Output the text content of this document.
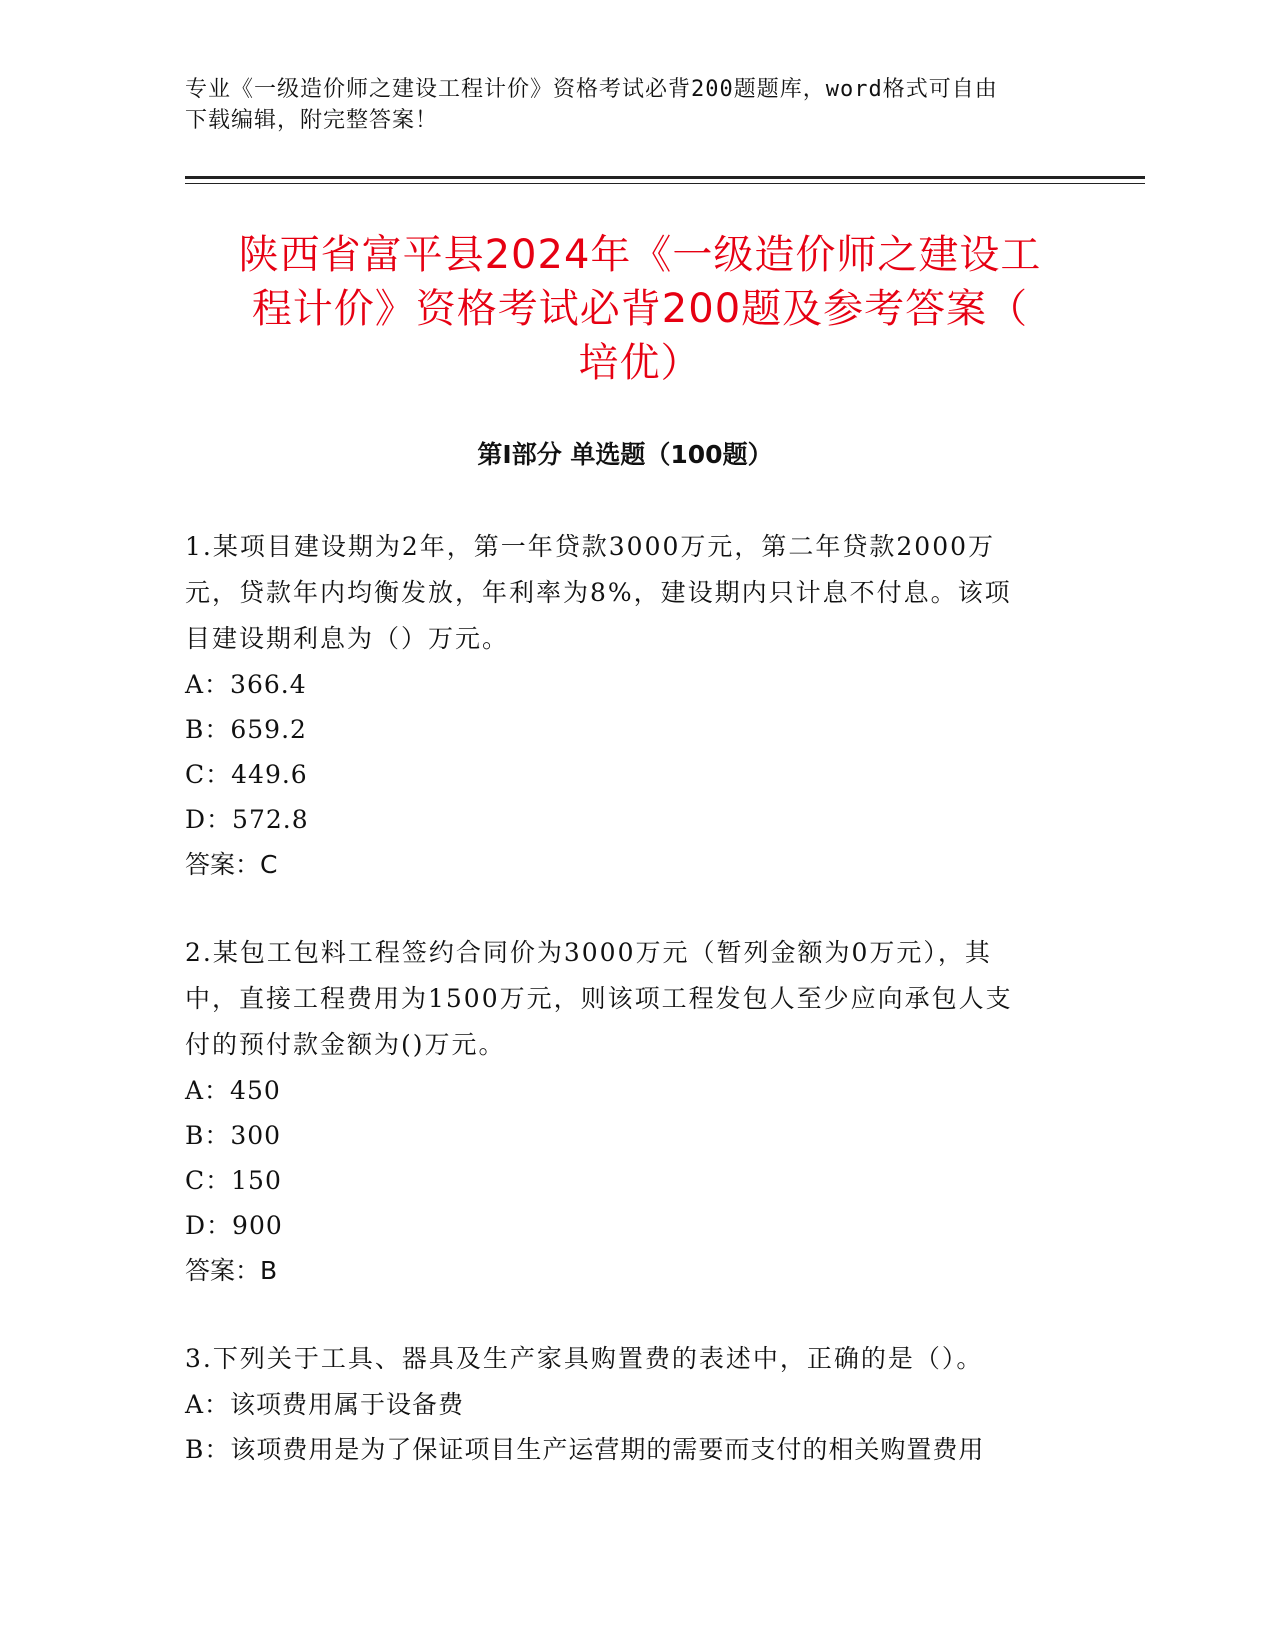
专业《一级造价师之建设工程计价》资格考试必背200题题库，word格式可自由
下载编辑，附完整答案！
陕西省富平县2024年《一级造价师之建设工
程计价》资格考试必背200题及参考答案（
培优）
第I部分 单选题（100题）

1.某项目建设期为2年，第一年贷款3000万元，第二年贷款2000万

元，贷款年内均衡发放，年利率为8%，建设期内只计息不付息。该项

目建设期利息为（）万元。

A：366.4

B：659.2

C：449.6

D：572.8

答案：C

2.某包工包料工程签约合同价为3000万元（暂列金额为0万元），其

中，直接工程费用为1500万元，则该项工程发包人至少应向承包人支

付的预付款金额为()万元。

A：450

B：300

C：150

D：900

答案：B

3.下列关于工具、器具及生产家具购置费的表述中，正确的是（）。

A：该项费用属于设备费

B：该项费用是为了保证项目生产运营期的需要而支付的相关购置费用
